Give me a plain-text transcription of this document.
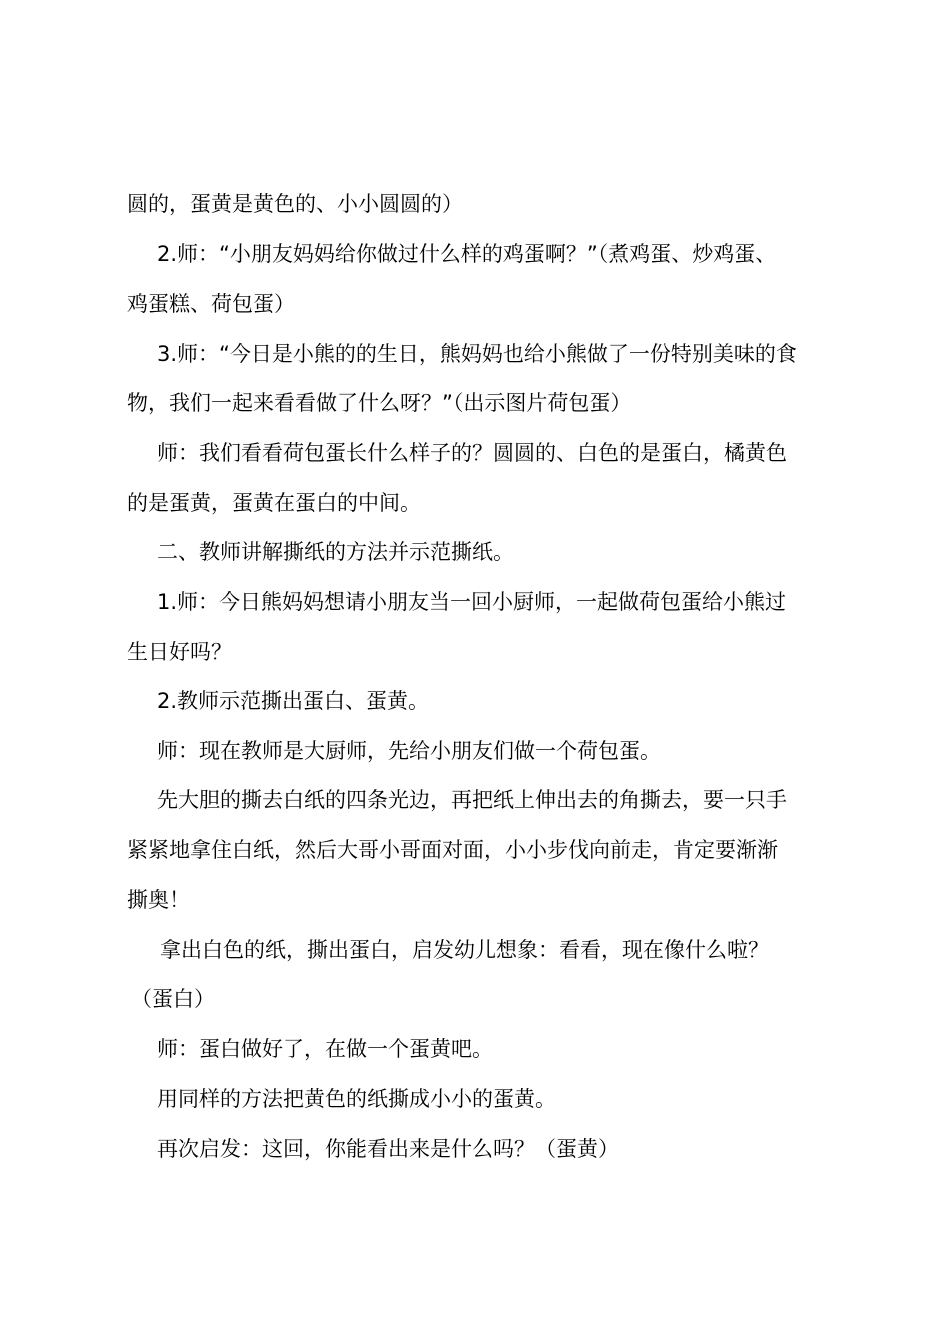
圆的，蛋黄是黄色的、小小圆圆的）
2.师：“小朋友妈妈给你做过什么样的鸡蛋啊？”（煮鸡蛋、炒鸡蛋、
鸡蛋糕、荷包蛋）
3.师：“今日是小熊的的生日，熊妈妈也给小熊做了一份特别美味的食
物，我们一起来看看做了什么呀？”（出示图片荷包蛋）
师：我们看看荷包蛋长什么样子的？圆圆的、白色的是蛋白，橘黄色
的是蛋黄，蛋黄在蛋白的中间。
二、教师讲解撕纸的方法并示范撕纸。
1.师：今日熊妈妈想请小朋友当一回小厨师，一起做荷包蛋给小熊过
生日好吗？
2.教师示范撕出蛋白、蛋黄。
师：现在教师是大厨师，先给小朋友们做一个荷包蛋。
先大胆的撕去白纸的四条光边，再把纸上伸出去的角撕去，要一只手
紧紧地拿住白纸，然后大哥小哥面对面，小小步伐向前走，肯定要渐渐
撕奥！
拿出白色的纸，撕出蛋白，启发幼儿想象：看看，现在像什么啦？
（蛋白）
师：蛋白做好了，在做一个蛋黄吧。
用同样的方法把黄色的纸撕成小小的蛋黄。
再次启发：这回，你能看出来是什么吗？（蛋黄）
